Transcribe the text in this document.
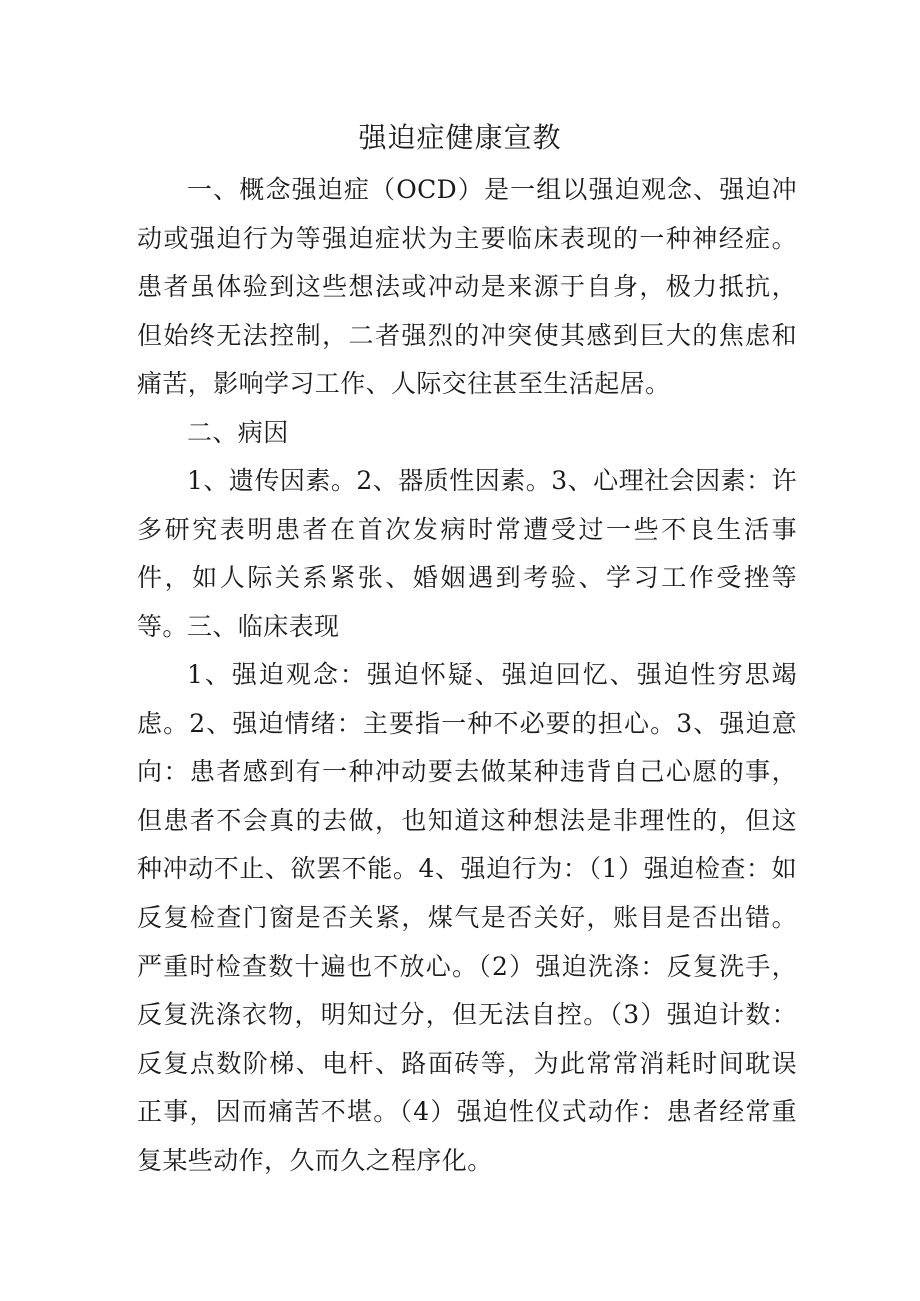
强迫症健康宣教

一、概念强迫症（OCD）是一组以强迫观念、强迫冲动或强迫行为等强迫症状为主要临床表现的一种神经症。患者虽体验到这些想法或冲动是来源于自身，极力抵抗，但始终无法控制，二者强烈的冲突使其感到巨大的焦虑和痛苦，影响学习工作、人际交往甚至生活起居。

二、病因

1、遗传因素。2、器质性因素。3、心理社会因素：许多研究表明患者在首次发病时常遭受过一些不良生活事件，如人际关系紧张、婚姻遇到考验、学习工作受挫等等。 三、临床表现

1、强迫观念：强迫怀疑、强迫回忆、强迫性穷思竭虑。2、强迫情绪：主要指一种不必要的担心。3、强迫意向：患者感到有一种冲动要去做某种违背自己心愿的事，但患者不会真的去做，也知道这种想法是非理性的，但这种冲动不止、欲罢不能。4、强迫行为：（1）强迫检查：如反复检查门窗是否关紧，煤气是否关好，账目是否出错。严重时检查数十遍也不放心。（2）强迫洗涤：反复洗手，反复洗涤衣物，明知过分，但无法自控。（3）强迫计数：反复点数阶梯、电杆、路面砖等，为此常常消耗时间耽误正事，因而痛苦不堪。（4）强迫性仪式动作：患者经常重复某些动作，久而久之程序化。
